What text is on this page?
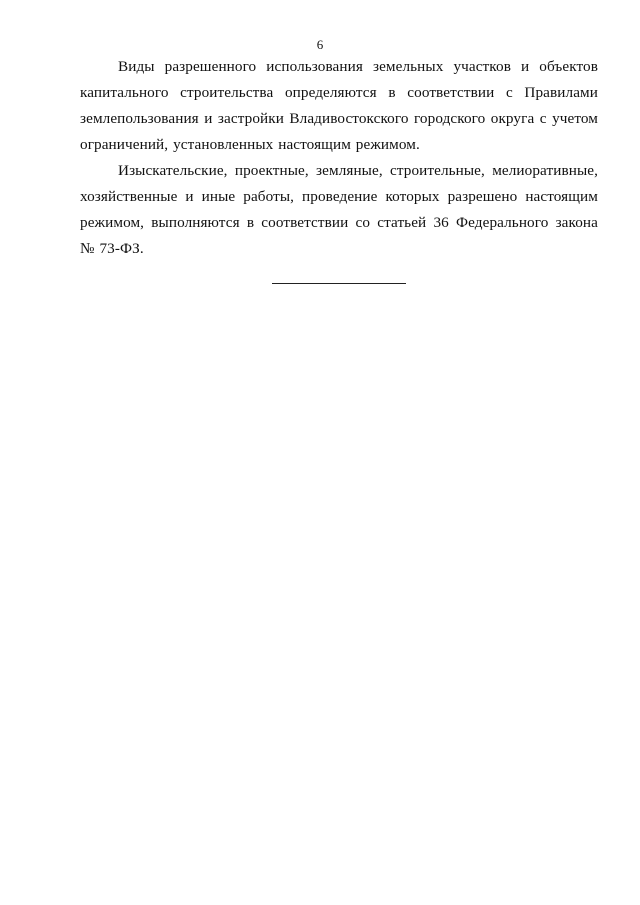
6

Виды разрешенного использования земельных участков и объектов капитального строительства определяются в соответствии с Правилами землепользования и застройки Владивостокского городского округа с учетом ограничений, установленных настоящим режимом.

Изыскательские, проектные, земляные, строительные, мелиоративные, хозяйственные и иные работы, проведение которых разрешено настоящим режимом, выполняются в соответствии со статьей 36 Федерального закона № 73-ФЗ.
